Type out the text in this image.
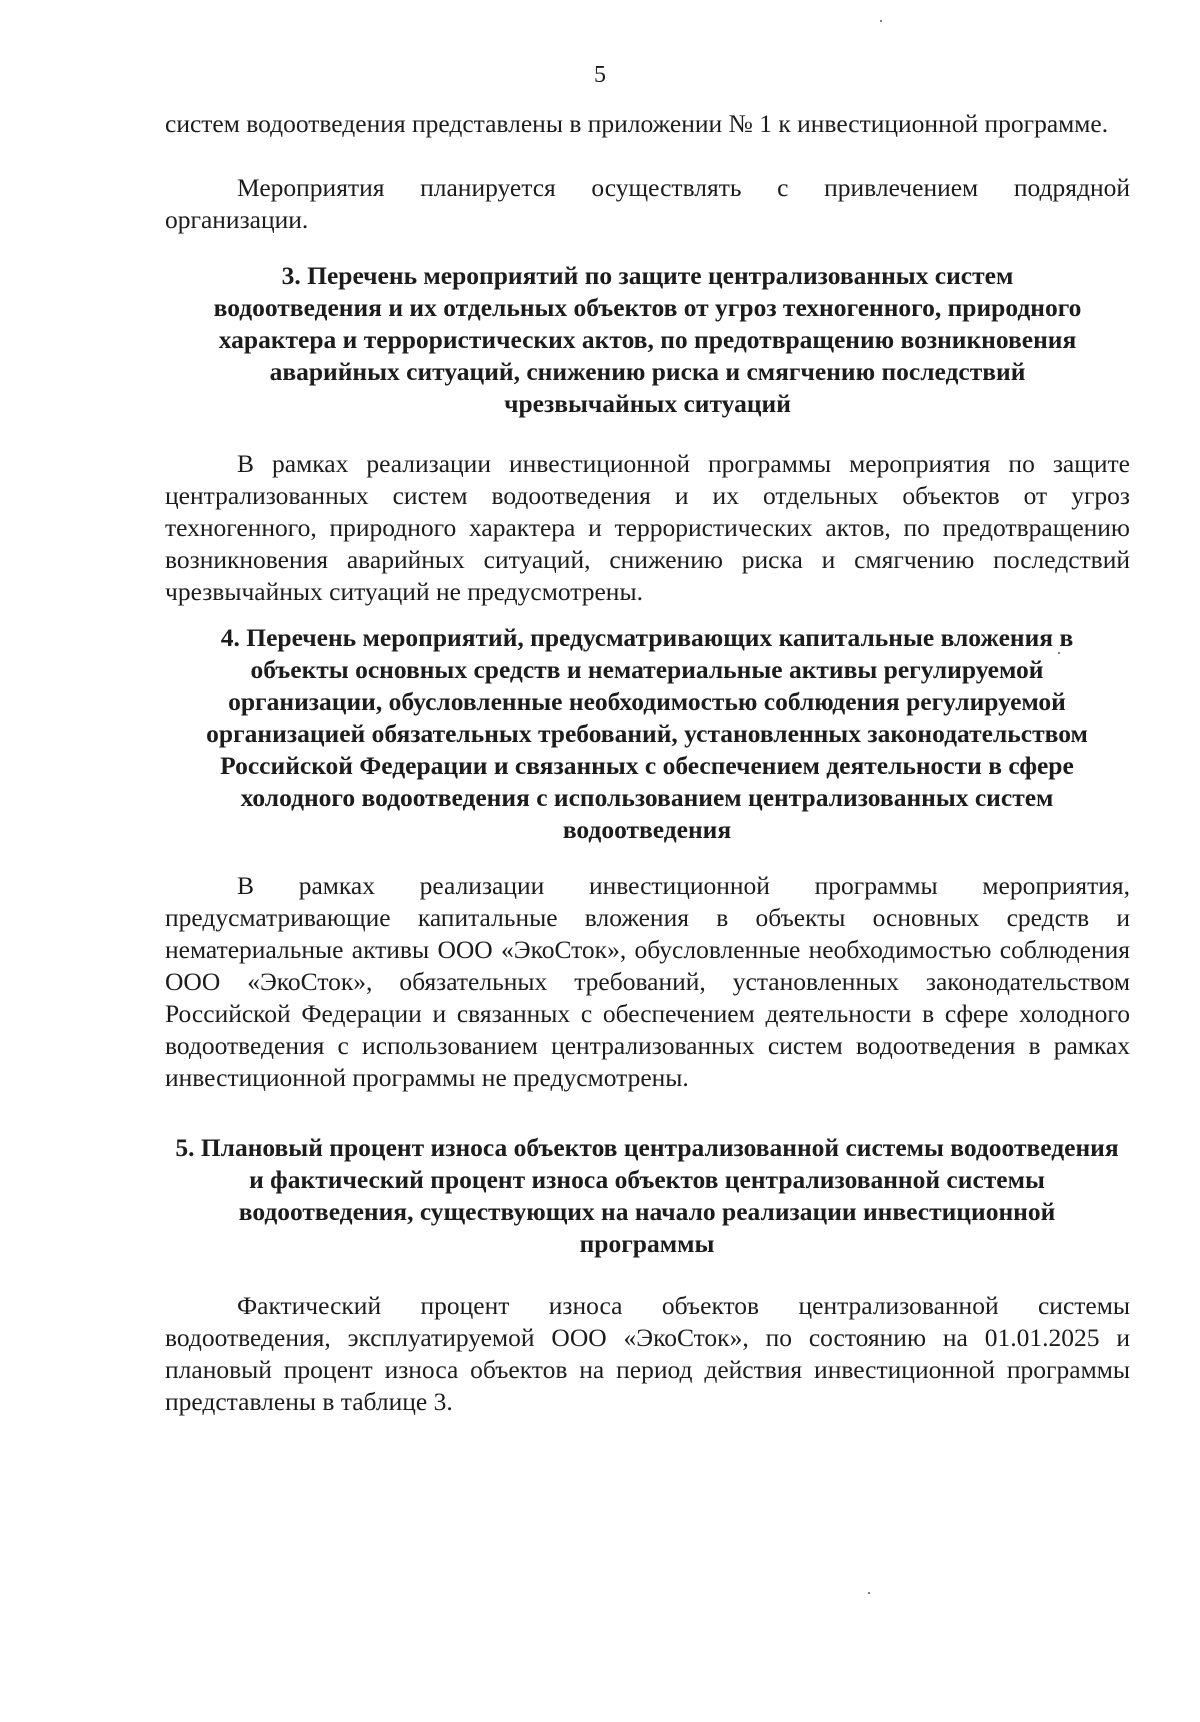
5

систем водоотведения представлены в приложении № 1 к инвестиционной программе.

Мероприятия планируется осуществлять с привлечением подрядной организации.

3. Перечень мероприятий по защите централизованных систем водоотведения и их отдельных объектов от угроз техногенного, природного характера и террористических актов, по предотвращению возникновения аварийных ситуаций, снижению риска и смягчению последствий чрезвычайных ситуаций

В рамках реализации инвестиционной программы мероприятия по защите централизованных систем водоотведения и их отдельных объектов от угроз техногенного, природного характера и террористических актов, по предотвращению возникновения аварийных ситуаций, снижению риска и смягчению последствий чрезвычайных ситуаций не предусмотрены.

4. Перечень мероприятий, предусматривающих капитальные вложения в объекты основных средств и нематериальные активы регулируемой организации, обусловленные необходимостью соблюдения регулируемой организацией обязательных требований, установленных законодательством Российской Федерации и связанных с обеспечением деятельности в сфере холодного водоотведения с использованием централизованных систем водоотведения

В рамках реализации инвестиционной программы мероприятия, предусматривающие капитальные вложения в объекты основных средств и нематериальные активы ООО «ЭкоСток», обусловленные необходимостью соблюдения ООО «ЭкоСток», обязательных требований, установленных законодательством Российской Федерации и связанных с обеспечением деятельности в сфере холодного водоотведения с использованием централизованных систем водоотведения в рамках инвестиционной программы не предусмотрены.

5. Плановый процент износа объектов централизованной системы водоотведения и фактический процент износа объектов централизованной системы водоотведения, существующих на начало реализации инвестиционной программы

Фактический процент износа объектов централизованной системы водоотведения, эксплуатируемой ООО «ЭкоСток», по состоянию на 01.01.2025 и плановый процент износа объектов на период действия инвестиционной программы представлены в таблице 3.
